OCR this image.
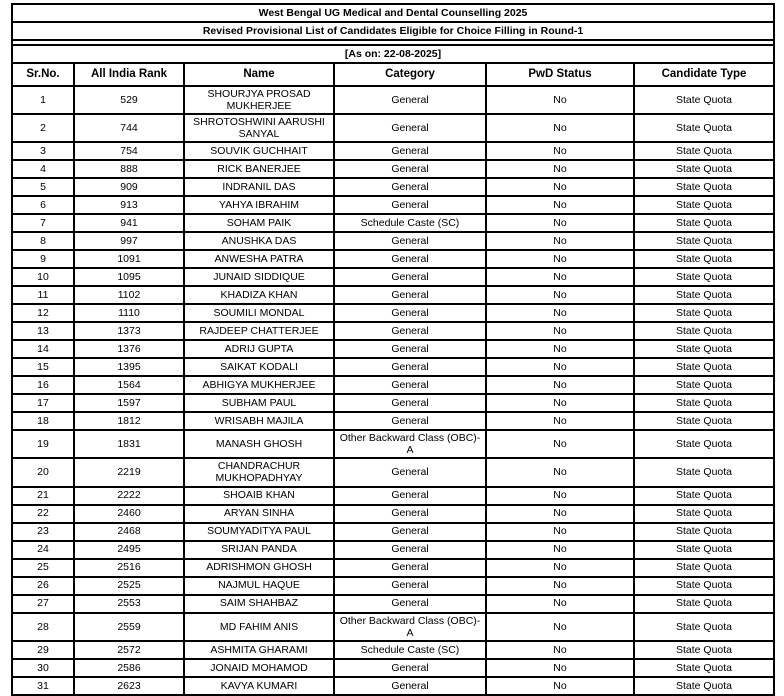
West Bengal UG Medical and Dental Counselling 2025					
Revised Provisional List of Candidates Eligible for Choice Filling in Round-1					

[As on: 22-08-2025]					
Sr.No.	All India Rank	Name	Category	PwD Status	Candidate Type
1	529	SHOURJYA PROSAD MUKHERJEE	General	No	State Quota
2	744	SHROTOSHWINI AARUSHI SANYAL	General	No	State Quota
3	754	SOUVIK GUCHHAIT	General	No	State Quota
4	888	RICK BANERJEE	General	No	State Quota
5	909	INDRANIL DAS	General	No	State Quota
6	913	YAHYA IBRAHIM	General	No	State Quota
7	941	SOHAM PAIK	Schedule Caste (SC)	No	State Quota
8	997	ANUSHKA DAS	General	No	State Quota
9	1091	ANWESHA PATRA	General	No	State Quota
10	1095	JUNAID SIDDIQUE	General	No	State Quota
11	1102	KHADIZA KHAN	General	No	State Quota
12	1110	SOUMILI MONDAL	General	No	State Quota
13	1373	RAJDEEP CHATTERJEE	General	No	State Quota
14	1376	ADRIJ GUPTA	General	No	State Quota
15	1395	SAIKAT KODALI	General	No	State Quota
16	1564	ABHIGYA MUKHERJEE	General	No	State Quota
17	1597	SUBHAM PAUL	General	No	State Quota
18	1812	WRISABH MAJILA	General	No	State Quota
19	1831	MANASH GHOSH	Other Backward Class (OBC)-A	No	State Quota
20	2219	CHANDRACHUR MUKHOPADHYAY	General	No	State Quota
21	2222	SHOAIB KHAN	General	No	State Quota
22	2460	ARYAN SINHA	General	No	State Quota
23	2468	SOUMYADITYA PAUL	General	No	State Quota
24	2495	SRIJAN PANDA	General	No	State Quota
25	2516	ADRISHMON GHOSH	General	No	State Quota
26	2525	NAJMUL HAQUE	General	No	State Quota
27	2553	SAIM SHAHBAZ	General	No	State Quota
28	2559	MD FAHIM ANIS	Other Backward Class (OBC)-A	No	State Quota
29	2572	ASHMITA GHARAMI	Schedule Caste (SC)	No	State Quota
30	2586	JONAID MOHAMOD	General	No	State Quota
31	2623	KAVYA KUMARI	General	No	State Quota
